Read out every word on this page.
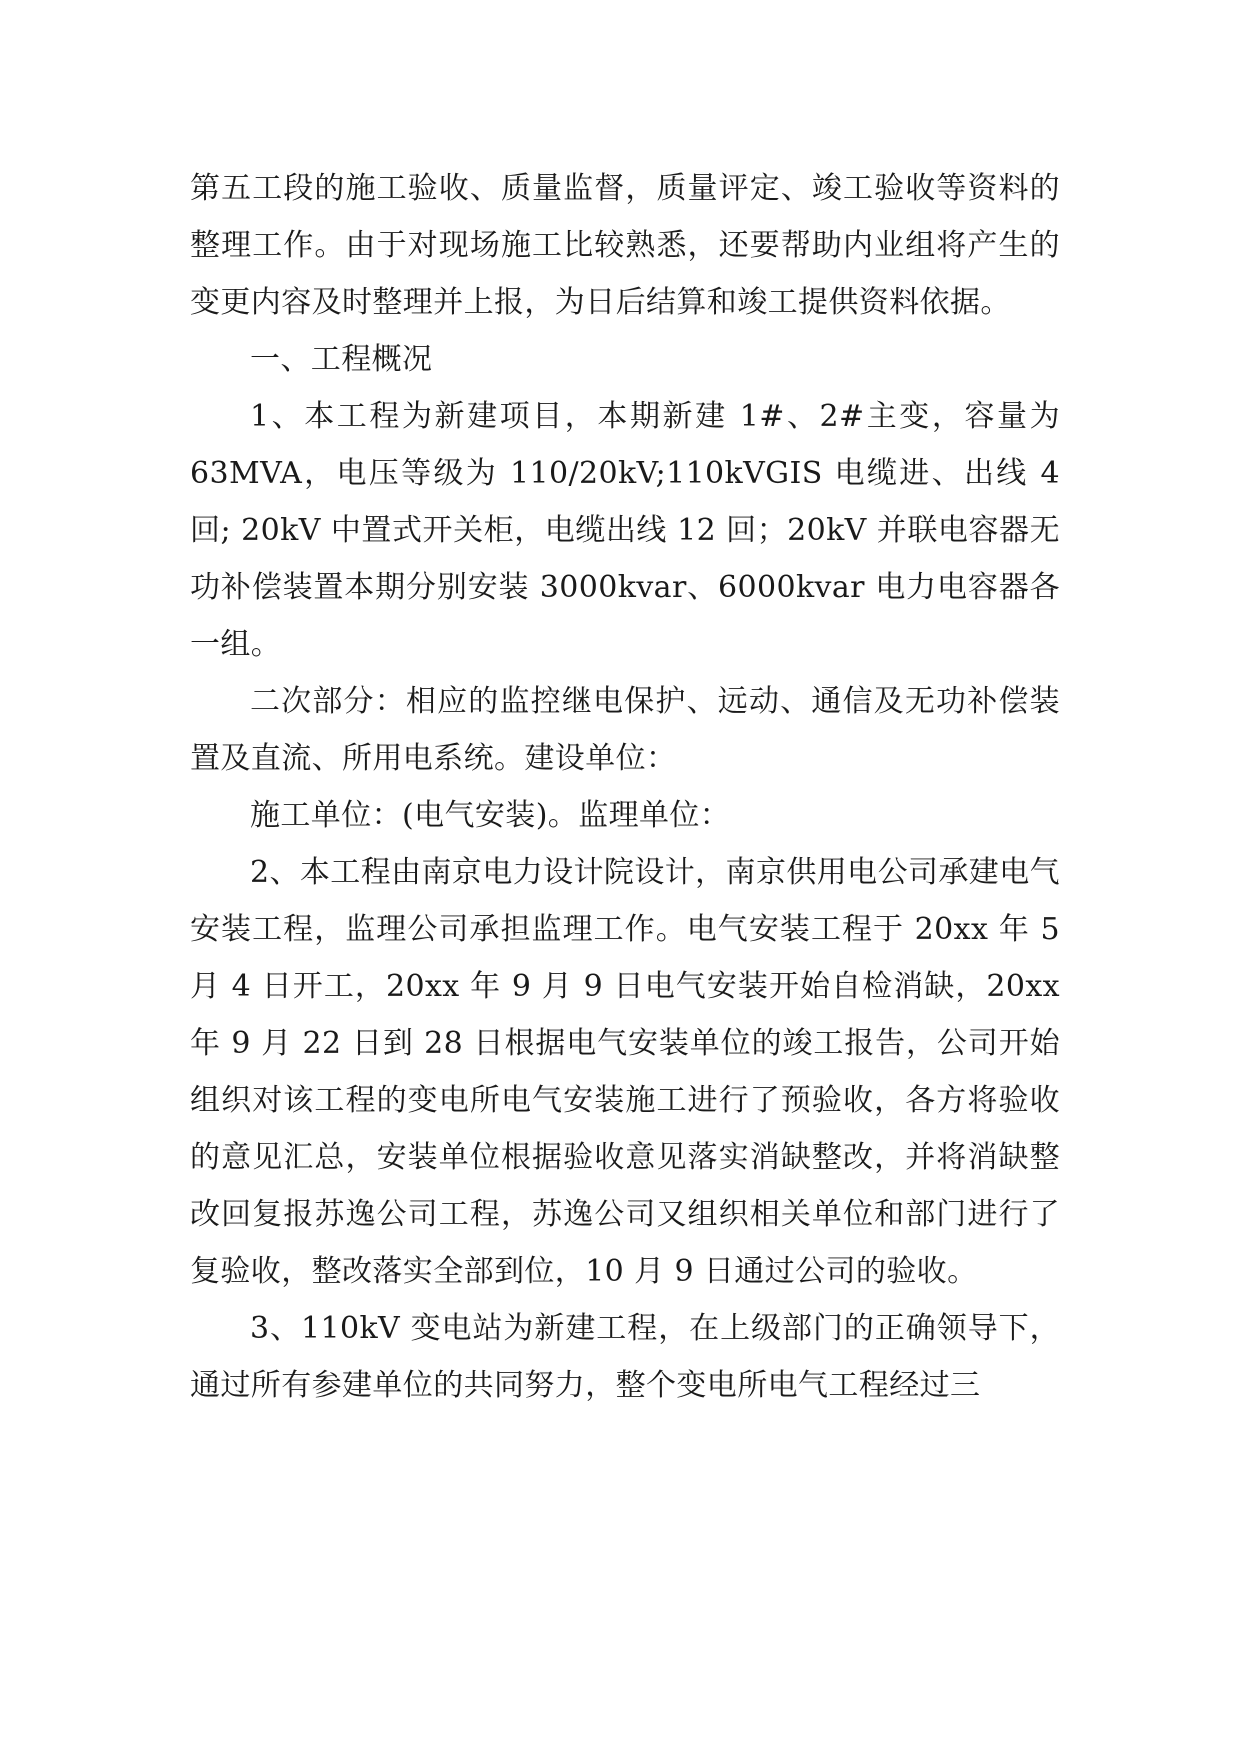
第五工段的施工验收、质量监督，质量评定、竣工验收等资料的整理工作。由于对现场施工比较熟悉，还要帮助内业组将产生的变更内容及时整理并上报，为日后结算和竣工提供资料依据。

一、工程概况

1、本工程为新建项目，本期新建 1#、2#主变，容量为 63MVA，电压等级为 110/20kV;110kVGIS 电缆进、出线 4 回; 20kV 中置式开关柜，电缆出线 12 回；20kV 并联电容器无功补偿装置本期分别安装 3000kvar、6000kvar 电力电容器各一组。

二次部分：相应的监控继电保护、远动、通信及无功补偿装置及直流、所用电系统。建设单位：

施工单位：(电气安装)。监理单位：

2、本工程由南京电力设计院设计，南京供用电公司承建电气安装工程，监理公司承担监理工作。电气安装工程于 20xx 年 5 月 4 日开工，20xx 年 9 月 9 日电气安装开始自检消缺，20xx 年 9 月 22 日到 28 日根据电气安装单位的竣工报告，公司开始组织对该工程的变电所电气安装施工进行了预验收，各方将验收的意见汇总，安装单位根据验收意见落实消缺整改，并将消缺整改回复报苏逸公司工程，苏逸公司又组织相关单位和部门进行了复验收，整改落实全部到位，10 月 9 日通过公司的验收。

3、110kV 变电站为新建工程，在上级部门的正确领导下，通过所有参建单位的共同努力，整个变电所电气工程经过三
